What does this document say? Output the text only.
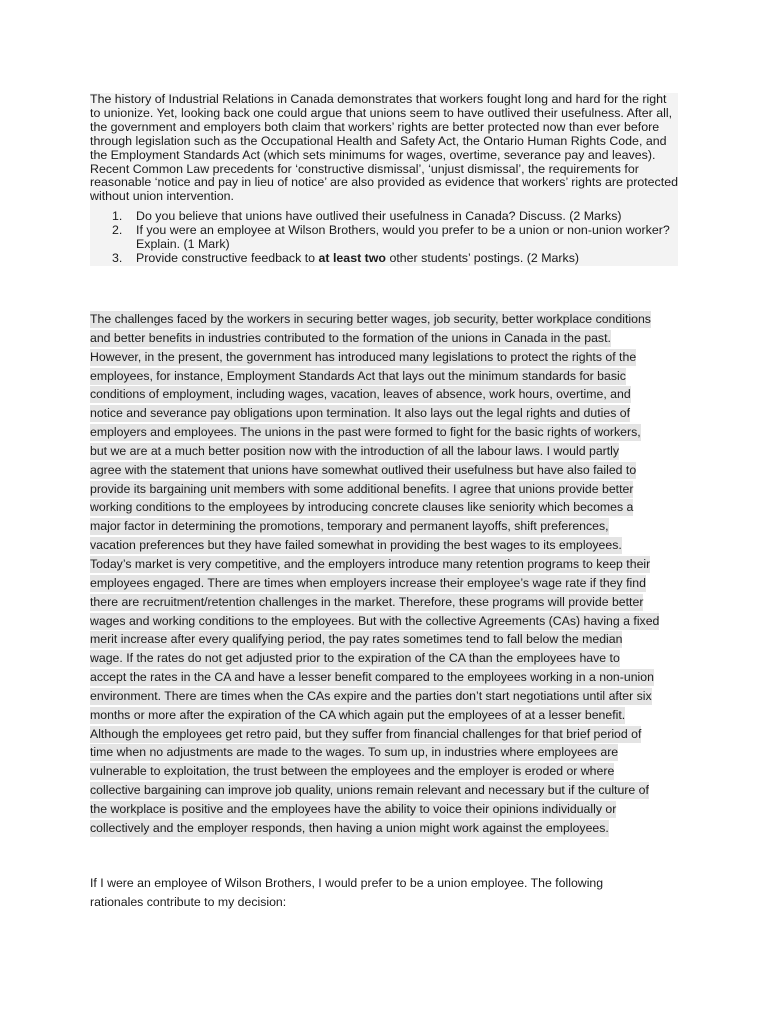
The history of Industrial Relations in Canada demonstrates that workers fought long and hard for the right to unionize. Yet, looking back one could argue that unions seem to have outlived their usefulness. After all, the government and employers both claim that workers’ rights are better protected now than ever before through legislation such as the Occupational Health and Safety Act, the Ontario Human Rights Code, and the Employment Standards Act (which sets minimums for wages, overtime, severance pay and leaves). Recent Common Law precedents for ‘constructive dismissal’, ‘unjust dismissal’, the requirements for reasonable ‘notice and pay in lieu of notice’ are also provided as evidence that workers’ rights are protected without union intervention.

1. Do you believe that unions have outlived their usefulness in Canada? Discuss. (2 Marks)
2. If you were an employee at Wilson Brothers, would you prefer to be a union or non-union worker? Explain. (1 Mark)
3. Provide constructive feedback to at least two other students’ postings. (2 Marks)
The challenges faced by the workers in securing better wages, job security, better workplace conditions
and better benefits in industries contributed to the formation of the unions in Canada in the past.
However, in the present, the government has introduced many legislations to protect the rights of the
employees, for instance, Employment Standards Act that lays out the minimum standards for basic
conditions of employment, including wages, vacation, leaves of absence, work hours, overtime, and
notice and severance pay obligations upon termination. It also lays out the legal rights and duties of
employers and employees. The unions in the past were formed to fight for the basic rights of workers,
but we are at a much better position now with the introduction of all the labour laws. I would partly
agree with the statement that unions have somewhat outlived their usefulness but have also failed to
provide its bargaining unit members with some additional benefits. I agree that unions provide better
working conditions to the employees by introducing concrete clauses like seniority which becomes a
major factor in determining the promotions, temporary and permanent layoffs, shift preferences,
vacation preferences but they have failed somewhat in providing the best wages to its employees.
Today’s market is very competitive, and the employers introduce many retention programs to keep their
employees engaged. There are times when employers increase their employee’s wage rate if they find
there are recruitment/retention challenges in the market. Therefore, these programs will provide better
wages and working conditions to the employees. But with the collective Agreements (CAs) having a fixed
merit increase after every qualifying period, the pay rates sometimes tend to fall below the median
wage. If the rates do not get adjusted prior to the expiration of the CA than the employees have to
accept the rates in the CA and have a lesser benefit compared to the employees working in a non-union
environment. There are times when the CAs expire and the parties don’t start negotiations until after six
months or more after the expiration of the CA which again put the employees of at a lesser benefit.
Although the employees get retro paid, but they suffer from financial challenges for that brief period of
time when no adjustments are made to the wages. To sum up, in industries where employees are
vulnerable to exploitation, the trust between the employees and the employer is eroded or where
collective bargaining can improve job quality, unions remain relevant and necessary but if the culture of
the workplace is positive and the employees have the ability to voice their opinions individually or
collectively and the employer responds, then having a union might work against the employees.
If I were an employee of Wilson Brothers, I would prefer to be a union employee. The following
rationales contribute to my decision:
